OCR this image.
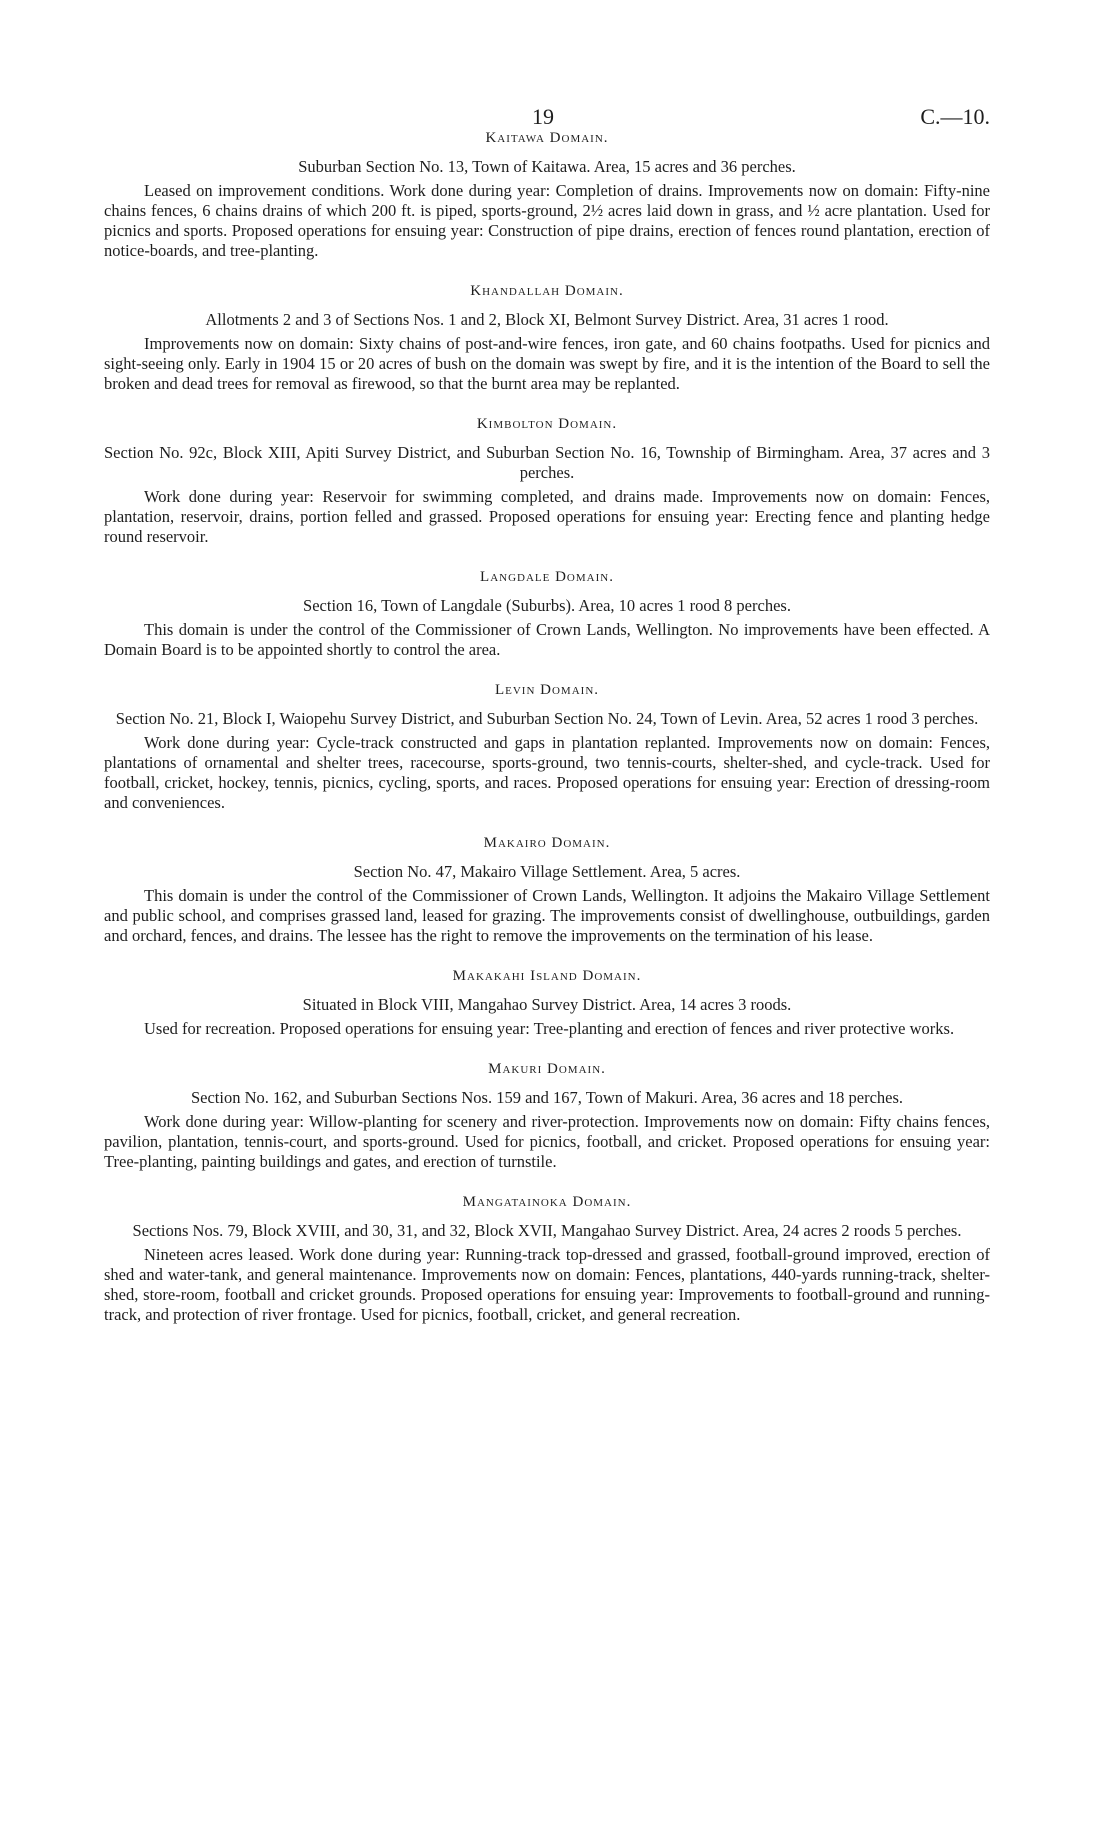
19	C.—10.
Kaitawa Domain.

Suburban Section No. 13, Town of Kaitawa. Area, 15 acres and 36 perches.

Leased on improvement conditions. Work done during year: Completion of drains. Improvements now on domain: Fifty-nine chains fences, 6 chains drains of which 200 ft. is piped, sports-ground, 2½ acres laid down in grass, and ½ acre plantation. Used for picnics and sports. Proposed operations for ensuing year: Construction of pipe drains, erection of fences round plantation, erection of notice-boards, and tree-planting.

Khandallah Domain.

Allotments 2 and 3 of Sections Nos. 1 and 2, Block XI, Belmont Survey District. Area, 31 acres 1 rood.

Improvements now on domain: Sixty chains of post-and-wire fences, iron gate, and 60 chains footpaths. Used for picnics and sight-seeing only. Early in 1904 15 or 20 acres of bush on the domain was swept by fire, and it is the intention of the Board to sell the broken and dead trees for removal as firewood, so that the burnt area may be replanted.

Kimbolton Domain.

Section No. 92c, Block XIII, Apiti Survey District, and Suburban Section No. 16, Township of Birmingham. Area, 37 acres and 3 perches.

Work done during year: Reservoir for swimming completed, and drains made. Improvements now on domain: Fences, plantation, reservoir, drains, portion felled and grassed. Proposed operations for ensuing year: Erecting fence and planting hedge round reservoir.

Langdale Domain.

Section 16, Town of Langdale (Suburbs). Area, 10 acres 1 rood 8 perches.

This domain is under the control of the Commissioner of Crown Lands, Wellington. No improvements have been effected. A Domain Board is to be appointed shortly to control the area.

Levin Domain.

Section No. 21, Block I, Waiopehu Survey District, and Suburban Section No. 24, Town of Levin. Area, 52 acres 1 rood 3 perches.

Work done during year: Cycle-track constructed and gaps in plantation replanted. Improvements now on domain: Fences, plantations of ornamental and shelter trees, racecourse, sports-ground, two tennis-courts, shelter-shed, and cycle-track. Used for football, cricket, hockey, tennis, picnics, cycling, sports, and races. Proposed operations for ensuing year: Erection of dressing-room and conveniences.

Makairo Domain.

Section No. 47, Makairo Village Settlement. Area, 5 acres.

This domain is under the control of the Commissioner of Crown Lands, Wellington. It adjoins the Makairo Village Settlement and public school, and comprises grassed land, leased for grazing. The improvements consist of dwellinghouse, outbuildings, garden and orchard, fences, and drains. The lessee has the right to remove the improvements on the termination of his lease.

Makakahi Island Domain.

Situated in Block VIII, Mangahao Survey District. Area, 14 acres 3 roods.

Used for recreation. Proposed operations for ensuing year: Tree-planting and erection of fences and river protective works.

Makuri Domain.

Section No. 162, and Suburban Sections Nos. 159 and 167, Town of Makuri. Area, 36 acres and 18 perches.

Work done during year: Willow-planting for scenery and river-protection. Improvements now on domain: Fifty chains fences, pavilion, plantation, tennis-court, and sports-ground. Used for picnics, football, and cricket. Proposed operations for ensuing year: Tree-planting, painting buildings and gates, and erection of turnstile.

Mangatainoka Domain.

Sections Nos. 79, Block XVIII, and 30, 31, and 32, Block XVII, Mangahao Survey District. Area, 24 acres 2 roods 5 perches.

Nineteen acres leased. Work done during year: Running-track top-dressed and grassed, football-ground improved, erection of shed and water-tank, and general maintenance. Improvements now on domain: Fences, plantations, 440-yards running-track, shelter-shed, store-room, football and cricket grounds. Proposed operations for ensuing year: Improvements to football-ground and running-track, and protection of river frontage. Used for picnics, football, cricket, and general recreation.
